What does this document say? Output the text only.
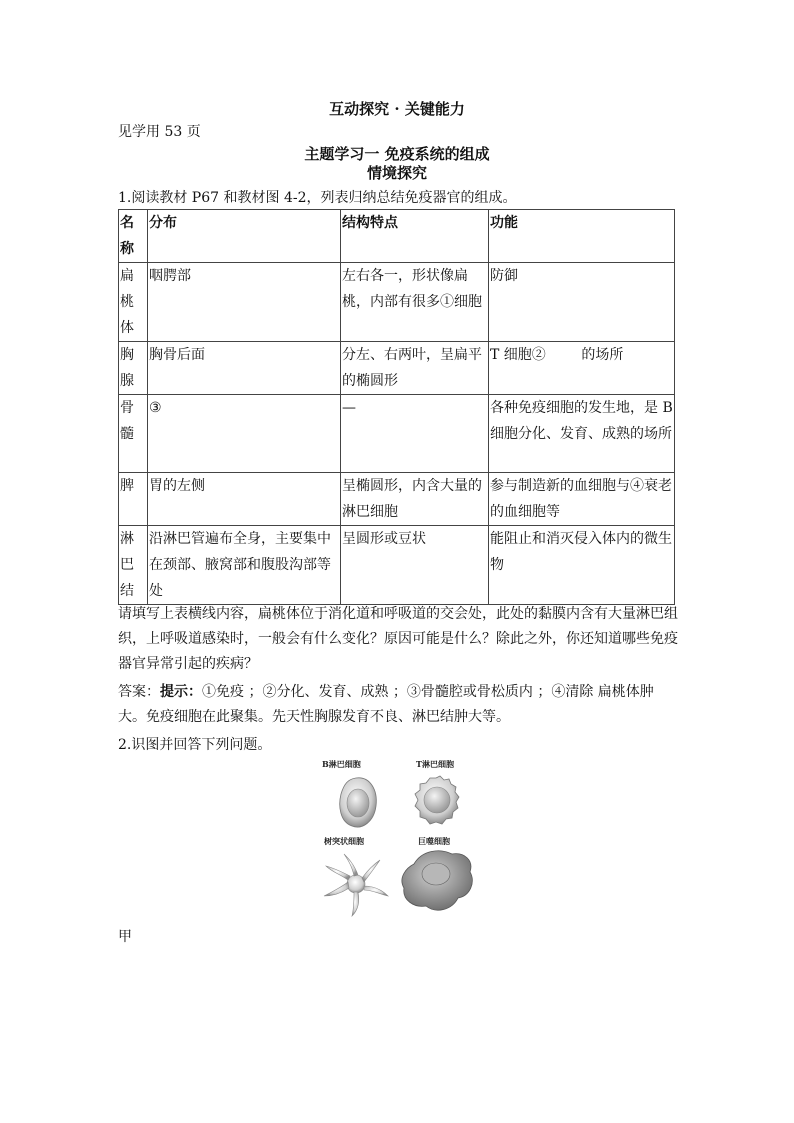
互动探究 · 关键能力
见学用 53 页
主题学习一 免疫系统的组成
情境探究
1.阅读教材 P67 和教材图 4-2，列表归纳总结免疫器官的组成。
名称	分布	结构特点	功能
扁桃体	咽腭部	左右各一，形状像扁桃，内部有很多①细胞	防御
胸腺	胸骨后面	分左、右两叶，呈扁平的椭圆形	T 细胞②        的场所
骨髓	③	—	各种免疫细胞的发生地，是 B 细胞分化、发育、成熟的场所
脾	胃的左侧	呈椭圆形，内含大量的淋巴细胞	参与制造新的血细胞与④衰老的血细胞等
淋巴结	沿淋巴管遍布全身，主要集中在颈部、腋窝部和腹股沟部等处	呈圆形或豆状	能阻止和消灭侵入体内的微生物
请填写上表横线内容，扁桃体位于消化道和呼吸道的交会处，此处的黏膜内含有大量淋巴组织，上呼吸道感染时，一般会有什么变化？原因可能是什么？除此之外，你还知道哪些免疫器官异常引起的疾病？
答案：提示：①免疫 ；②分化、发育、成熟 ；③骨髓腔或骨松质内 ；④清除 扁桃体肿大。免疫细胞在此聚集。先天性胸腺发育不良、淋巴结肿大等。
2.识图并回答下列问题。
B淋巴细胞	T淋巴细胞
树突状细胞	巨噬细胞
甲
